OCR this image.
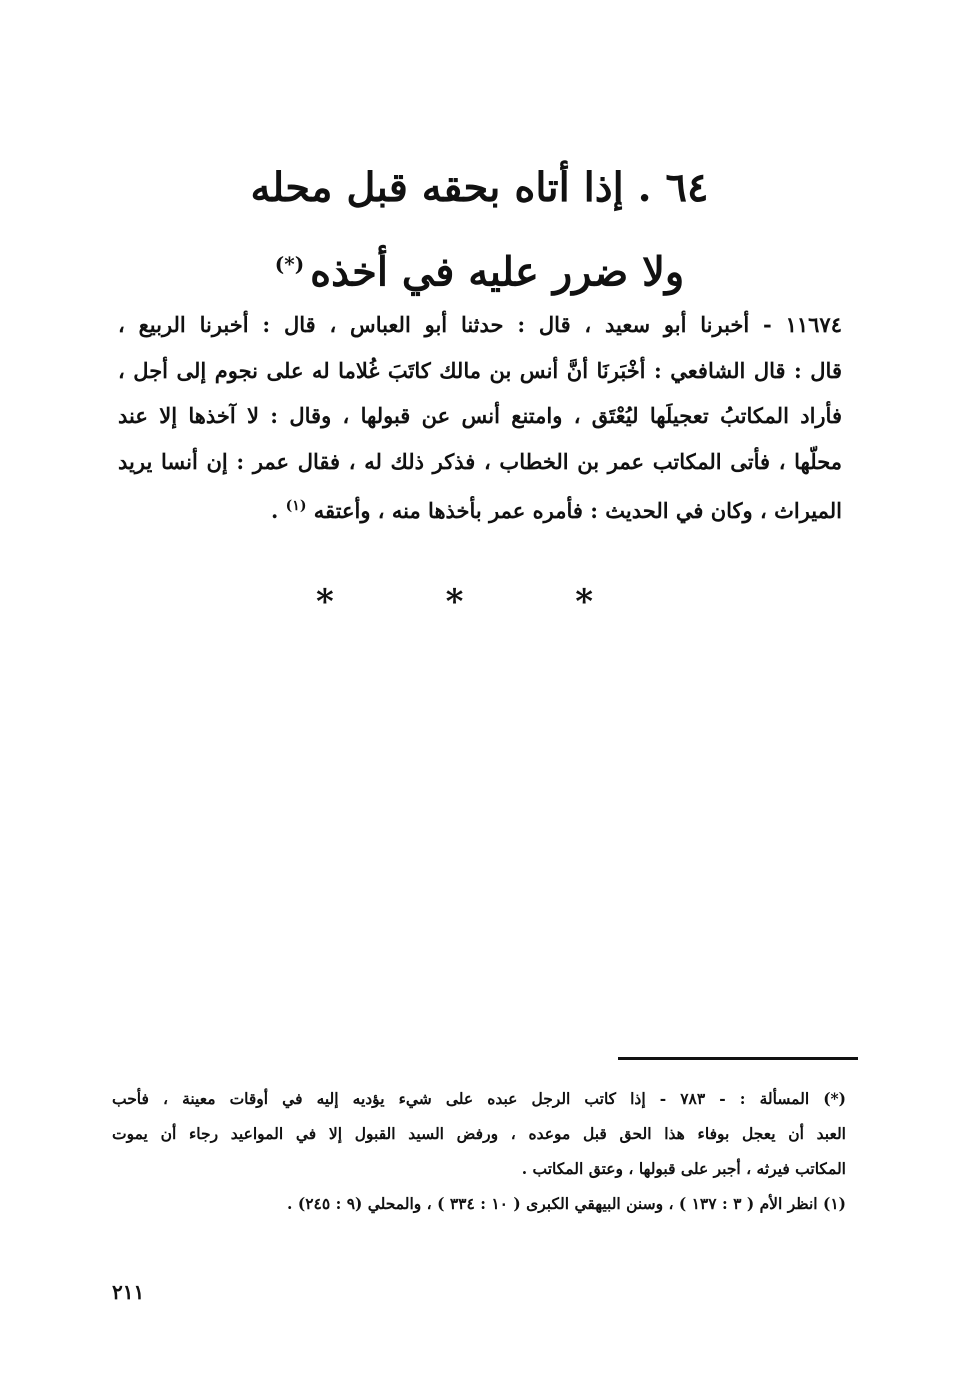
٦٤ . إذا أتاه بحقه قبل محله
ولا ضرر عليه في أخذه(*)
١١٦٧٤ - أخبرنا أبو سعيد ، قال : حدثنا أبو العباس ، قال : أخبرنا الربيع ،
قال : قال الشافعي : أخْبَرنَا أنَّ أنس بن مالك كاتَبَ غُلاما له على نجوم إلى أجل ،
فأراد المكاتبُ تعجيلَها ليُعْتَق ، وامتنع أنس عن قبولها ، وقال : لا آخذها إلا عند
محلّها ، فأتى المكاتب عمر بن الخطاب ، فذكر ذلك له ، فقال عمر : إن أنسا يريد
الميراث ، وكان في الحديث : فأمره عمر بأخذها منه ، وأعتقه $^{(١)}$ .
* * *
(*) المسألة : - ٧٨٣ - إذا كاتب الرجل عبده على شيء يؤديه إليه في أوقات معينة ، فأحب
العبد أن يعجل بوفاء هذا الحق قبل موعده ، ورفض السيد القبول إلا في المواعيد رجاء أن يموت
المكاتب فيرثه ، أجبر على قبولها ، وعتق المكاتب .
(١) انظر الأم ( ٣ : ١٣٧ ) ، وسنن البيهقي الكبرى ( ١٠ : ٣٣٤ ) ، والمحلي (٩ : ٢٤٥) .
٢١١
